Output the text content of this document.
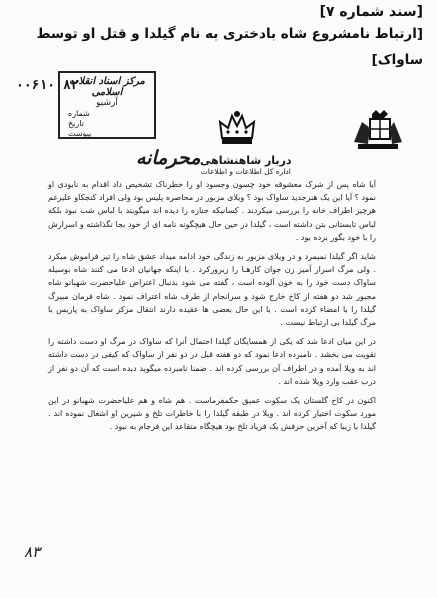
[سند شماره ۷]
[ارتباط نامشروع شاه بادختری به نام گیلدا و قتل او توسط
ساواک]
۰۰۶۱۰۰۸۲
مرکز اسناد انقلاب اسلامی
آرشیو
شماره
تاریخ
پیوست
دربار شاهنشاهی
اداره کل اطلاعات و اطلاعات
محرمانه

آیا شاه پس از شرک معشوقه خود چسون وجسود او را خطرناک تشخیص داد اقدام به نابودی او نمود ؟ آیا این یک هنرجدید ساواک بود ؟ ویلای مزبور در محاصره پلیس بود ولی افراد کنجکاو علیرغم هرچیز اطراف خانه را بررسی میکردند . کسانیکه جنازه را دیده اند میگویند با لباس شب نبود بلکه لباس تابستانی بتن داشته است ، گیلدا در حین حال هیچگونه نامه ای از خود بجا نگذاشته و اسرارش را با خود بگور برده بود .

شاید اگر گیلدا نمیمرد و در ویلای مزبور به زندگی خود ادامه میداد عشق شاه را تیز فراموش میکرد . ولی مرگ اسرار آمیز زن جوان کارهـا را زیرورکرد . با اینکه جهانیان ادعا می کنند شاه بوسیله ساواک دست خود را به خون آلوده است ، گفته می شود بدنبال اعتراض علیاحضرت شهبانو شاه مجبور شد دو هفته از کاخ خارج شود و سرانجام از طرف شاه اعتراف نمود . شاه فرمان مبیرگ گیلدا را با امضاء کرده است . با این حال بعضی ها عقیده دارند انتقال مرکز ساواک به پاریس با مرگ گیلدا بی ارتباط نیست .

در این میان ادعا شد که یکی از همسایگان گیلدا احتمال آنرا که ساواک در مرگ او دست داشته را تقویت می بخشد . نامبرده ادعا نمود که دو هفته قبل در دو نفر از ساواک که کیفی در دست داشته اند به ویلا آمده و در اطراف آن بررسی کرده اند . ضمنا نامبرده میگوید دیده است که آن دو نفر از درب عقب وارد ویلا شده اند .

اکنون در کاخ گلستان یک سکوت عمیق حکمفرماست . هم شاه و هم علیاحضرت شهبانو در این مورد سکوت اختیار کرده اند . ویلا در طبقه گیلدا را با خاطرات تلخ و شیرین او اشغال نموده اند . گیلدا با زیبا که آخرین حرفش یک فریاد تلخ بود هیچگاه متقاعد این فرجام به نبود .

۸۳
